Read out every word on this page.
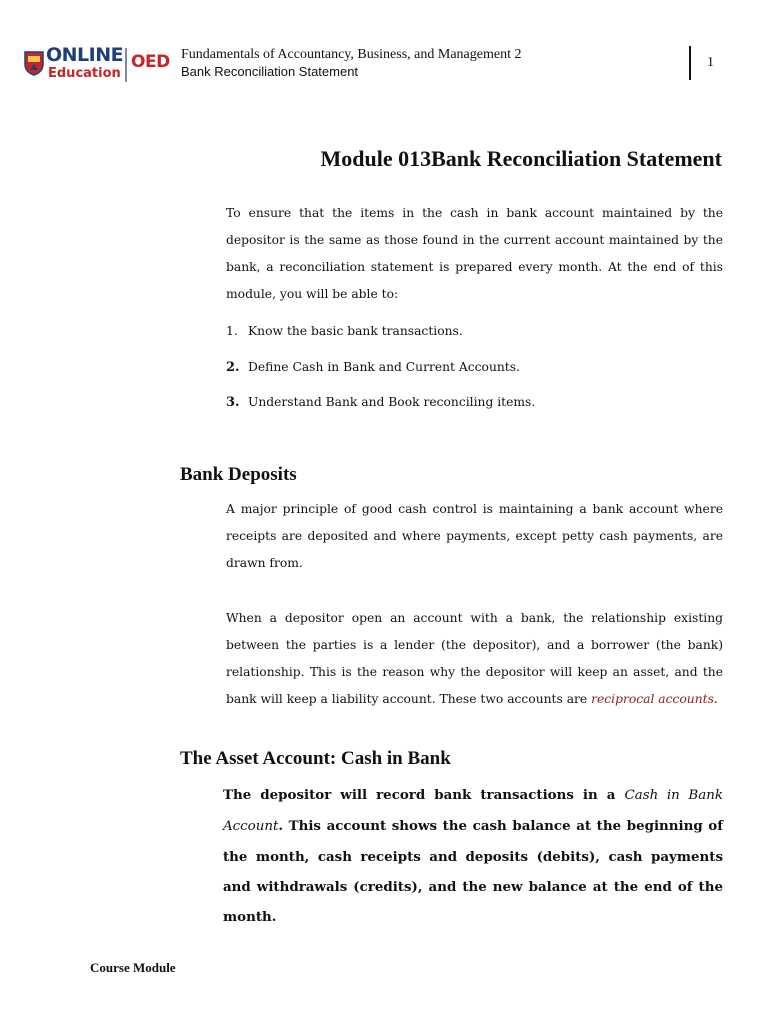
ONLINE
Education
OED Fundamentals of Accountancy, Business, and Management 2
Bank Reconciliation Statement
1
Module 013Bank Reconciliation Statement

To ensure that the items in the cash in bank account maintained by the depositor is the same as those found in the current account maintained by the bank, a reconciliation statement is prepared every month. At the end of this module, you will be able to:

1. Know the basic bank transactions.
2. Define Cash in Bank and Current Accounts.
3. Understand Bank and Book reconciling items.
Bank Deposits

A major principle of good cash control is maintaining a bank account where receipts are deposited and where payments, except petty cash payments, are drawn from.

When a depositor open an account with a bank, the relationship existing between the parties is a lender (the depositor), and a borrower (the bank) relationship. This is the reason why the depositor will keep an asset, and the bank will keep a liability account. These two accounts are reciprocal accounts.

The Asset Account: Cash in Bank

The depositor will record bank transactions in a Cash in Bank Account. This account shows the cash balance at the beginning of the month, cash receipts and deposits (debits), cash payments and withdrawals (credits), and the new balance at the end of the month.

Course Module
